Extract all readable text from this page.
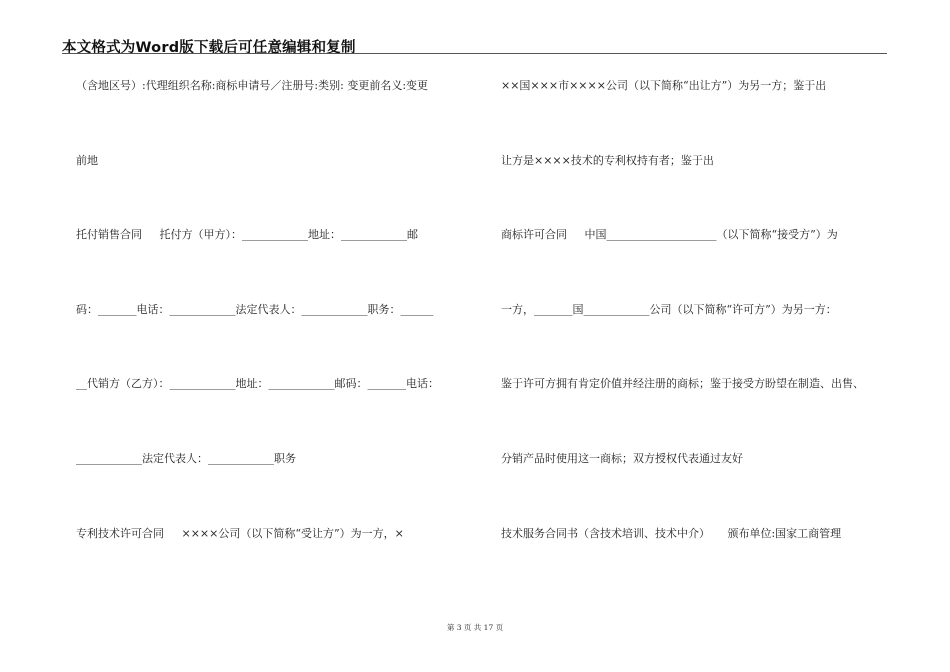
本文格式为Word版下载后可任意编辑和复制
（含地区号）:代理组织名称:商标申请号／注册号:类别: 变更前名义:变更
前地
托付销售合同     托付方（甲方）：____________地址：____________邮
码：_______电话：____________法定代表人：____________职务：______
__代销方（乙方）：____________地址：____________邮码：_______电话：
____________法定代表人：____________职务
专利技术许可合同     ××××公司（以下简称“受让方”）为一方，×
××国×××市××××公司（以下简称“出让方”）为另一方；鉴于出
让方是××××技术的专利权持有者；鉴于出
商标许可合同     中国____________________（以下简称“接受方”）为
一方，_______国____________公司（以下简称“许可方”）为另一方：
鉴于许可方拥有肯定价值并经注册的商标；鉴于接受方盼望在制造、出售、
分销产品时使用这一商标；双方授权代表通过友好
技术服务合同书（含技术培训、技术中介）     颁布单位:国家工商管理
第 3 页 共 17 页
